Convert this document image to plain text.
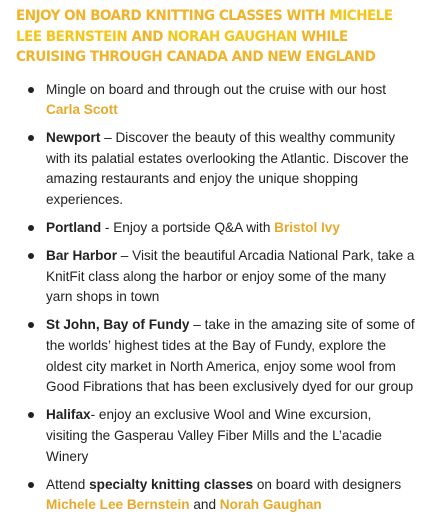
ENJOY ON BOARD KNITTING CLASSES WITH MICHELE LEE BERNSTEIN AND NORAH GAUGHAN WHILE CRUISING THROUGH CANADA AND NEW ENGLAND
Mingle on board and through out the cruise with our host Carla Scott
Newport – Discover the beauty of this wealthy community with its palatial estates overlooking the Atlantic. Discover the amazing restaurants and enjoy the unique shopping experiences.
Portland - Enjoy a portside Q&A with Bristol Ivy
Bar Harbor – Visit the beautiful Arcadia National Park, take a KnitFit class along the harbor or enjoy some of the many yarn shops in town
St John, Bay of Fundy – take in the amazing site of some of the worlds’ highest tides at the Bay of Fundy, explore the oldest city market in North America, enjoy some wool from Good Fibrations that has been exclusively dyed for our group
Halifax- enjoy an exclusive Wool and Wine excursion, visiting the Gasperau Valley Fiber Mills and the L’acadie Winery
Attend specialty knitting classes on board with designers Michele Lee Bernstein and Norah Gaughan
